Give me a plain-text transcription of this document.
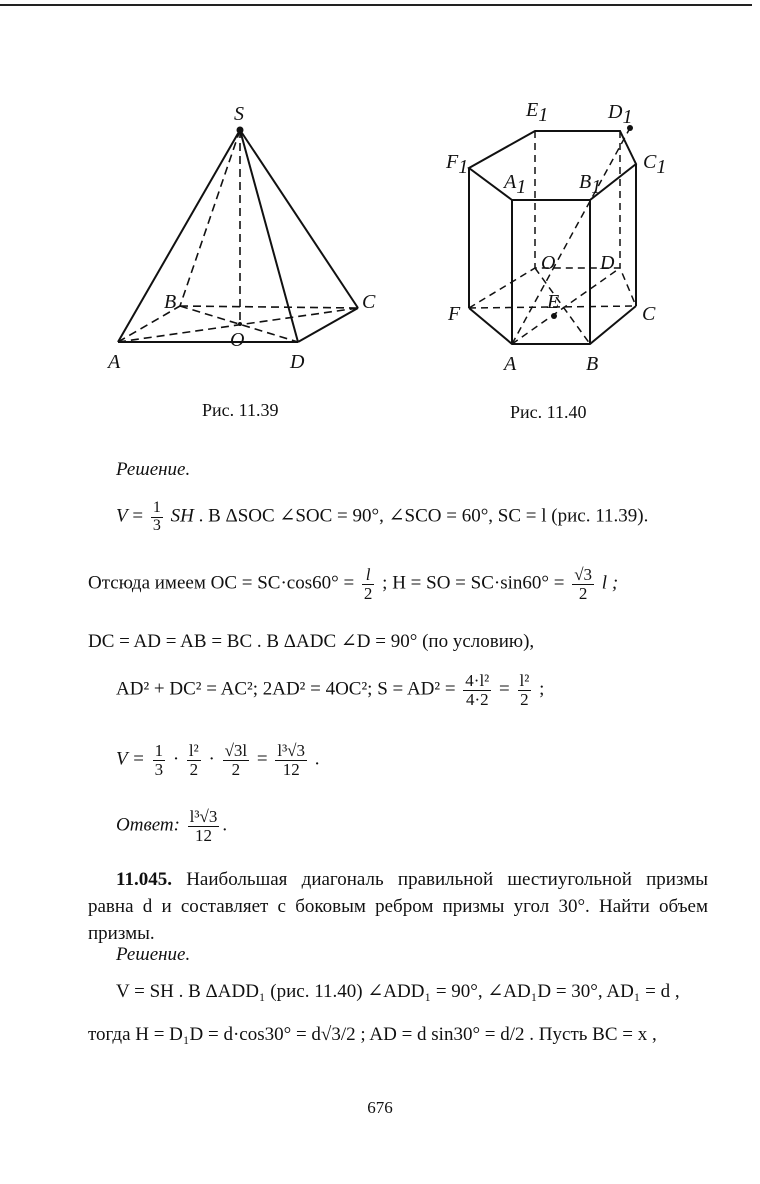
S
A
B	C
D
O
Рис. 11.39
E1	D1
F1	C1
A1	B1
O D
F
E
C
A	B
Рис. 11.40
Решение.
$V = \frac{1}{3}$ SH . В ΔSOC ∠SOC = 90°, ∠SCO = 60°, SC = l (рис. 11.39).
Отсюда имеем OC = $SC\cdot\cos 60^\circ = \frac{l}{2}$ ; H = SO = $SC\cdot\sin 60^\circ = \frac{√3}{2}$ l ;
DC = AD = AB = BC . В ΔADC ∠D = 90° (по условию),
AD² + DC² = AC²; 2AD² = 4OC²; $S = AD^2 = \frac{\text{4·l²}}{4\cdot 2} = \frac{\text{l²}}{2}$ ;
$V = \frac{1}{3} \cdot \frac{\text{l²}}{2} \cdot \frac{√3l}{2} = \frac{\text{l³√3}}{12}$ .
Ответ: $\frac{\text{l³√3}}{12}$ .
11.045. Наибольшая диагональ правильной шестиугольной призмы равна d и составляет с боковым ребром призмы угол 30°. Найти объем призмы.
Решение.
V = SH . В ΔADD₁ (рис. 11.40) ∠ADD₁ = 90°, ∠AD₁D = 30°, AD₁ = d ,
тогда H = D₁D = d·cos30° = d√3/2 ; AD = d sin30° = d/2 . Пусть BC = x ,
676
